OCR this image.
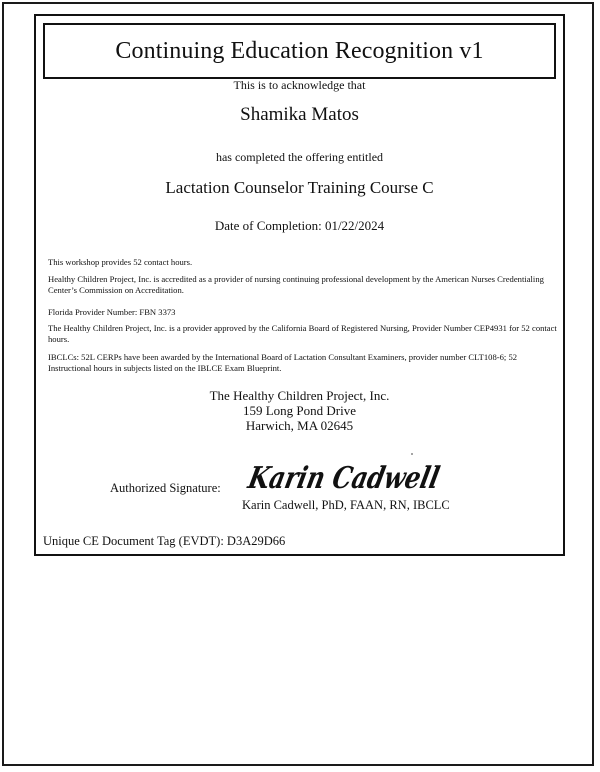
Continuing Education Recognition v1
This is to acknowledge that
Shamika Matos
has completed the offering entitled
Lactation Counselor Training Course C
Date of Completion: 01/22/2024
This workshop provides 52 contact hours.
Healthy Children Project, Inc. is accredited as a provider of nursing continuing professional development by the American Nurses Credentialing Center’s Commission on Accreditation.
Florida Provider Number: FBN 3373
The Healthy Children Project, Inc. is a provider approved by the California Board of Registered Nursing, Provider Number CEP4931 for 52 contact hours.
IBCLCs: 52L CERPs have been awarded by the International Board of Lactation Consultant Examiners, provider number CLT108-6; 52 Instructional hours in subjects listed on the IBLCE Exam Blueprint.
The Healthy Children Project, Inc.
159 Long Pond Drive
Harwich, MA 02645
Authorized Signature: Karin Cadwell
Karin Cadwell, PhD, FAAN, RN, IBCLC
Unique CE Document Tag (EVDT): D3A29D66
